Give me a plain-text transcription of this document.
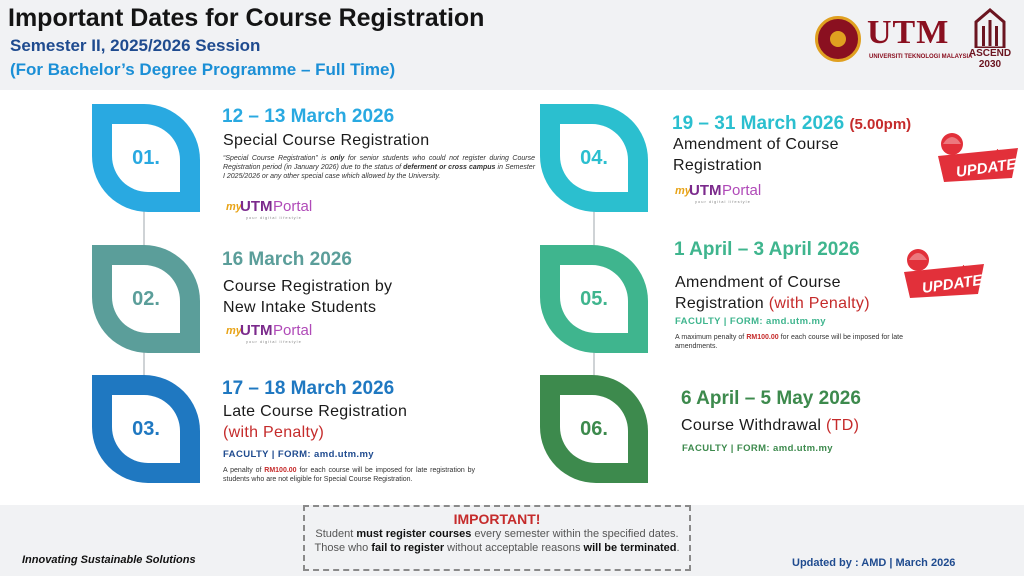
Important Dates for Course Registration
Semester II, 2025/2026 Session
(For Bachelor’s Degree Programme – Full Time)
UTM
UNIVERSITI TEKNOLOGI MALAYSIA
ASCEND
2030
01.
12 – 13 March 2026
Special Course Registration
“Special Course Registration” is only for senior students who could not register during Course Registration period (in January 2026) due to the status of deferment or cross campus in Semester I 2025/2026 or any other special case which allowed by the University.
my
UTM Portal
your digital lifestyle
02.
16 March 2026
Course Registration by
New Intake Students
my
UTM Portal
your digital lifestyle
03.
17 – 18 March 2026
Late Course Registration
(with Penalty)
FACULTY | FORM: amd.utm.my
A penalty of RM100.00 for each course will be imposed for late registration by students who are not eligible for Special Course Registration.
04.
19 – 31 March 2026 (5.00pm)
Amendment of Course
Registration
my
UTM Portal
your digital lifestyle
UPDATE
NEW
05.
1 April – 3 April 2026
Amendment of Course
Registration (with Penalty)
FACULTY | FORM: amd.utm.my
A maximum penalty of RM100.00 for each course will be imposed for late amendments.
UPDATE
NEW
06.
6 April – 5 May 2026
Course Withdrawal (TD)
FACULTY | FORM: amd.utm.my
IMPORTANT!
Student must register courses every semester within the specified dates. Those who fail to register without acceptable reasons will be terminated.
Innovating Sustainable Solutions	Updated by : AMD | March 2026
